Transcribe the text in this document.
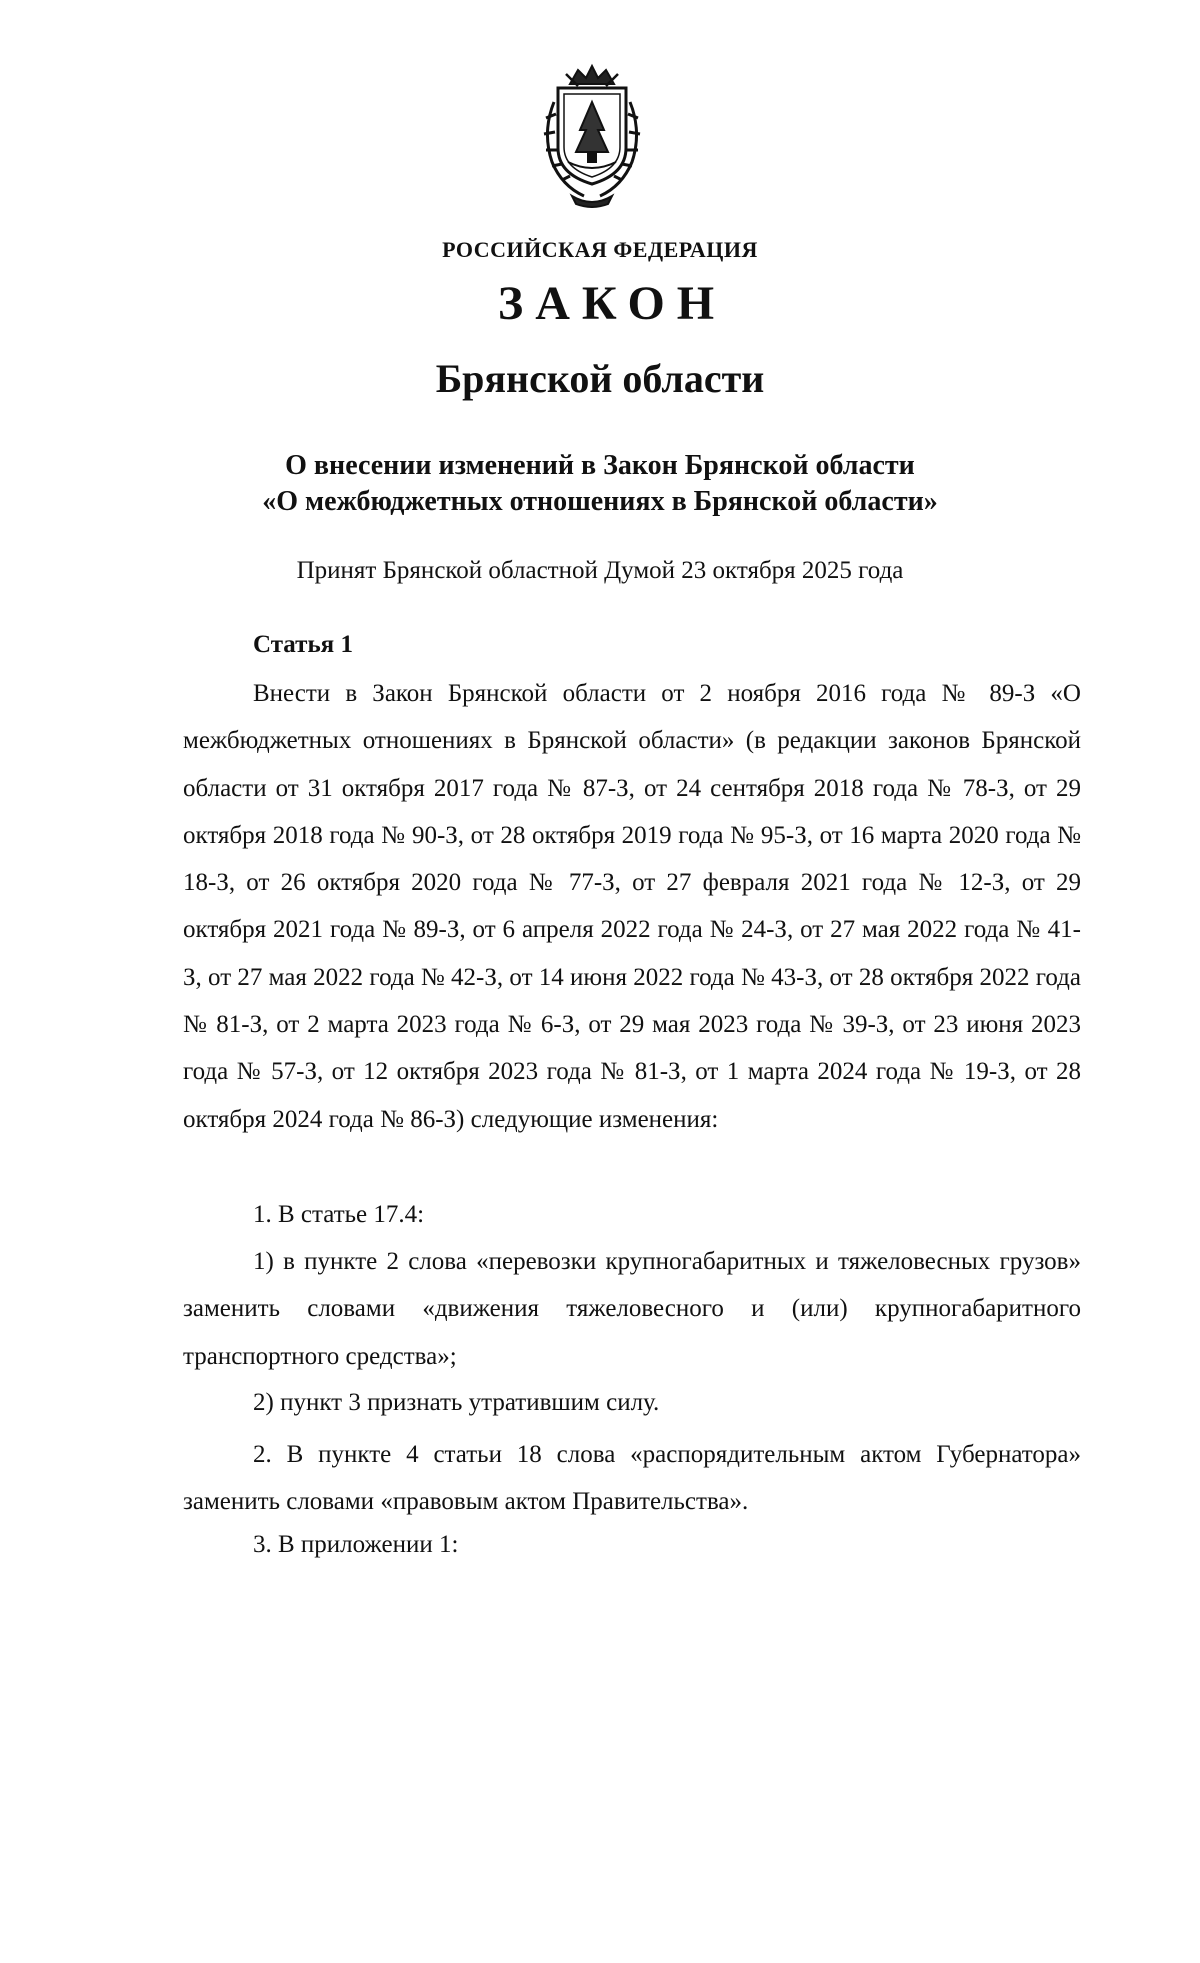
РОССИЙСКАЯ ФЕДЕРАЦИЯ
ЗАКОН
Брянской области
О внесении изменений в Закон Брянской области
«О межбюджетных отношениях в Брянской области»
Принят Брянской областной Думой 23 октября 2025 года
Статья 1

Внести в Закон Брянской области от 2 ноября 2016 года № 89-З «О межбюджетных отношениях в Брянской области» (в редакции законов Брянской области от 31 октября 2017 года № 87-З, от 24 сентября 2018 года № 78-З, от 29 октября 2018 года № 90-З, от 28 октября 2019 года № 95-З, от 16 марта 2020 года № 18-З, от 26 октября 2020 года № 77-З, от 27 февраля 2021 года № 12-З, от 29 октября 2021 года № 89-З, от 6 апреля 2022 года № 24-З, от 27 мая 2022 года № 41-З, от 27 мая 2022 года № 42-З, от 14 июня 2022 года № 43-З, от 28 октября 2022 года № 81-З, от 2 марта 2023 года № 6-З, от 29 мая 2023 года № 39-З, от 23 июня 2023 года № 57-З, от 12 октября 2023 года № 81-З, от 1 марта 2024 года № 19-З, от 28 октября 2024 года № 86-З) следующие изменения:

1. В статье 17.4:

1) в пункте 2 слова «перевозки крупногабаритных и тяжеловесных грузов» заменить словами «движения тяжеловесного и (или) крупногабаритного транспортного средства»;

2) пункт 3 признать утратившим силу.

2. В пункте 4 статьи 18 слова «распорядительным актом Губернатора» заменить словами «правовым актом Правительства».

3. В приложении 1:
